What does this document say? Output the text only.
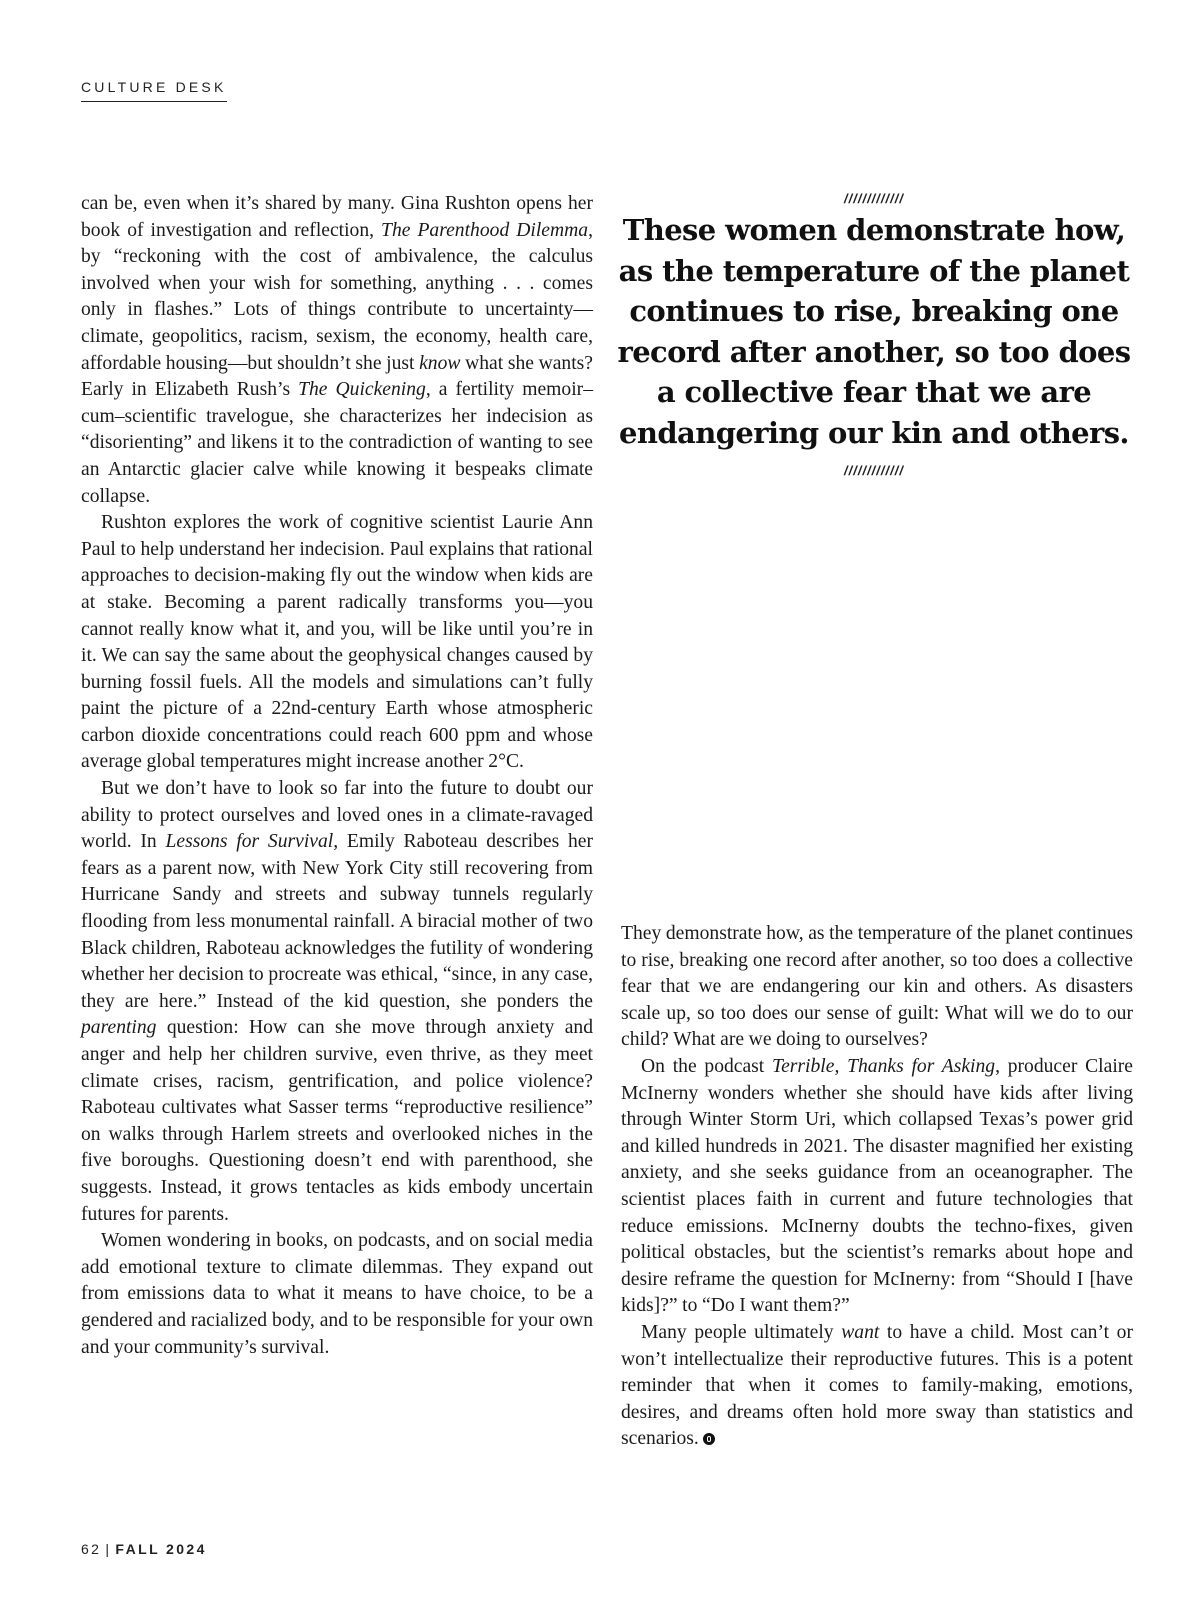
CULTURE DESK

can be, even when it’s shared by many. Gina Rushton opens her book of investigation and reflection, The Parenthood Dilemma, by “reckoning with the cost of ambivalence, the calculus involved when your wish for something, anything . . . comes only in flashes.” Lots of things contribute to uncertainty—climate, geopolitics, racism, sexism, the economy, health care, affordable housing—but shouldn’t she just know what she wants? Early in Elizabeth Rush’s The Quickening, a fertility memoir–cum–scientific travelogue, she characterizes her indecision as “disorienting” and likens it to the contradiction of wanting to see an Antarctic glacier calve while knowing it bespeaks climate collapse.

Rushton explores the work of cognitive scientist Laurie Ann Paul to help understand her indecision. Paul explains that rational approaches to decision-making fly out the window when kids are at stake. Becoming a parent radically transforms you—you cannot really know what it, and you, will be like until you’re in it. We can say the same about the geophysical changes caused by burning fossil fuels. All the models and simulations can’t fully paint the picture of a 22nd-century Earth whose atmospheric carbon dioxide concentrations could reach 600 ppm and whose average global temperatures might increase another 2°C.

But we don’t have to look so far into the future to doubt our ability to protect ourselves and loved ones in a climate-ravaged world. In Lessons for Survival, Emily Raboteau describes her fears as a parent now, with New York City still recovering from Hurricane Sandy and streets and subway tunnels regularly flooding from less monumental rainfall. A biracial mother of two Black children, Raboteau acknowledges the futility of wondering whether her decision to procreate was ethical, “since, in any case, they are here.” Instead of the kid question, she ponders the parenting question: How can she move through anxiety and anger and help her children survive, even thrive, as they meet climate crises, racism, gentrification, and police violence? Raboteau cultivates what Sasser terms “reproductive resilience” on walks through Harlem streets and overlooked niches in the five boroughs. Questioning doesn’t end with parenthood, she suggests. Instead, it grows tentacles as kids embody uncertain futures for parents.

Women wondering in books, on podcasts, and on social media add emotional texture to climate dilemmas. They expand out from emissions data to what it means to have choice, to be a gendered and racialized body, and to be responsible for your own and your community’s survival.

/////////////
These women demonstrate how, as the temperature of the planet continues to rise, breaking one record after another, so too does a collective fear that we are endangering our kin and others.
/////////////

They demonstrate how, as the temperature of the planet continues to rise, breaking one record after another, so too does a collective fear that we are endangering our kin and others. As disasters scale up, so too does our sense of guilt: What will we do to our child? What are we doing to ourselves?

On the podcast Terrible, Thanks for Asking, producer Claire McInerny wonders whether she should have kids after living through Winter Storm Uri, which collapsed Texas’s power grid and killed hundreds in 2021. The disaster magnified her existing anxiety, and she seeks guidance from an oceanographer. The scientist places faith in current and future technologies that reduce emissions. McInerny doubts the techno-fixes, given political obstacles, but the scientist’s remarks about hope and desire reframe the question for McInerny: from “Should I [have kids]?” to “Do I want them?”

Many people ultimately want to have a child. Most can’t or won’t intellectualize their reproductive futures. This is a potent reminder that when it comes to family-making, emotions, desires, and dreams often hold more sway than statistics and scenarios.

62 | FALL 2024
